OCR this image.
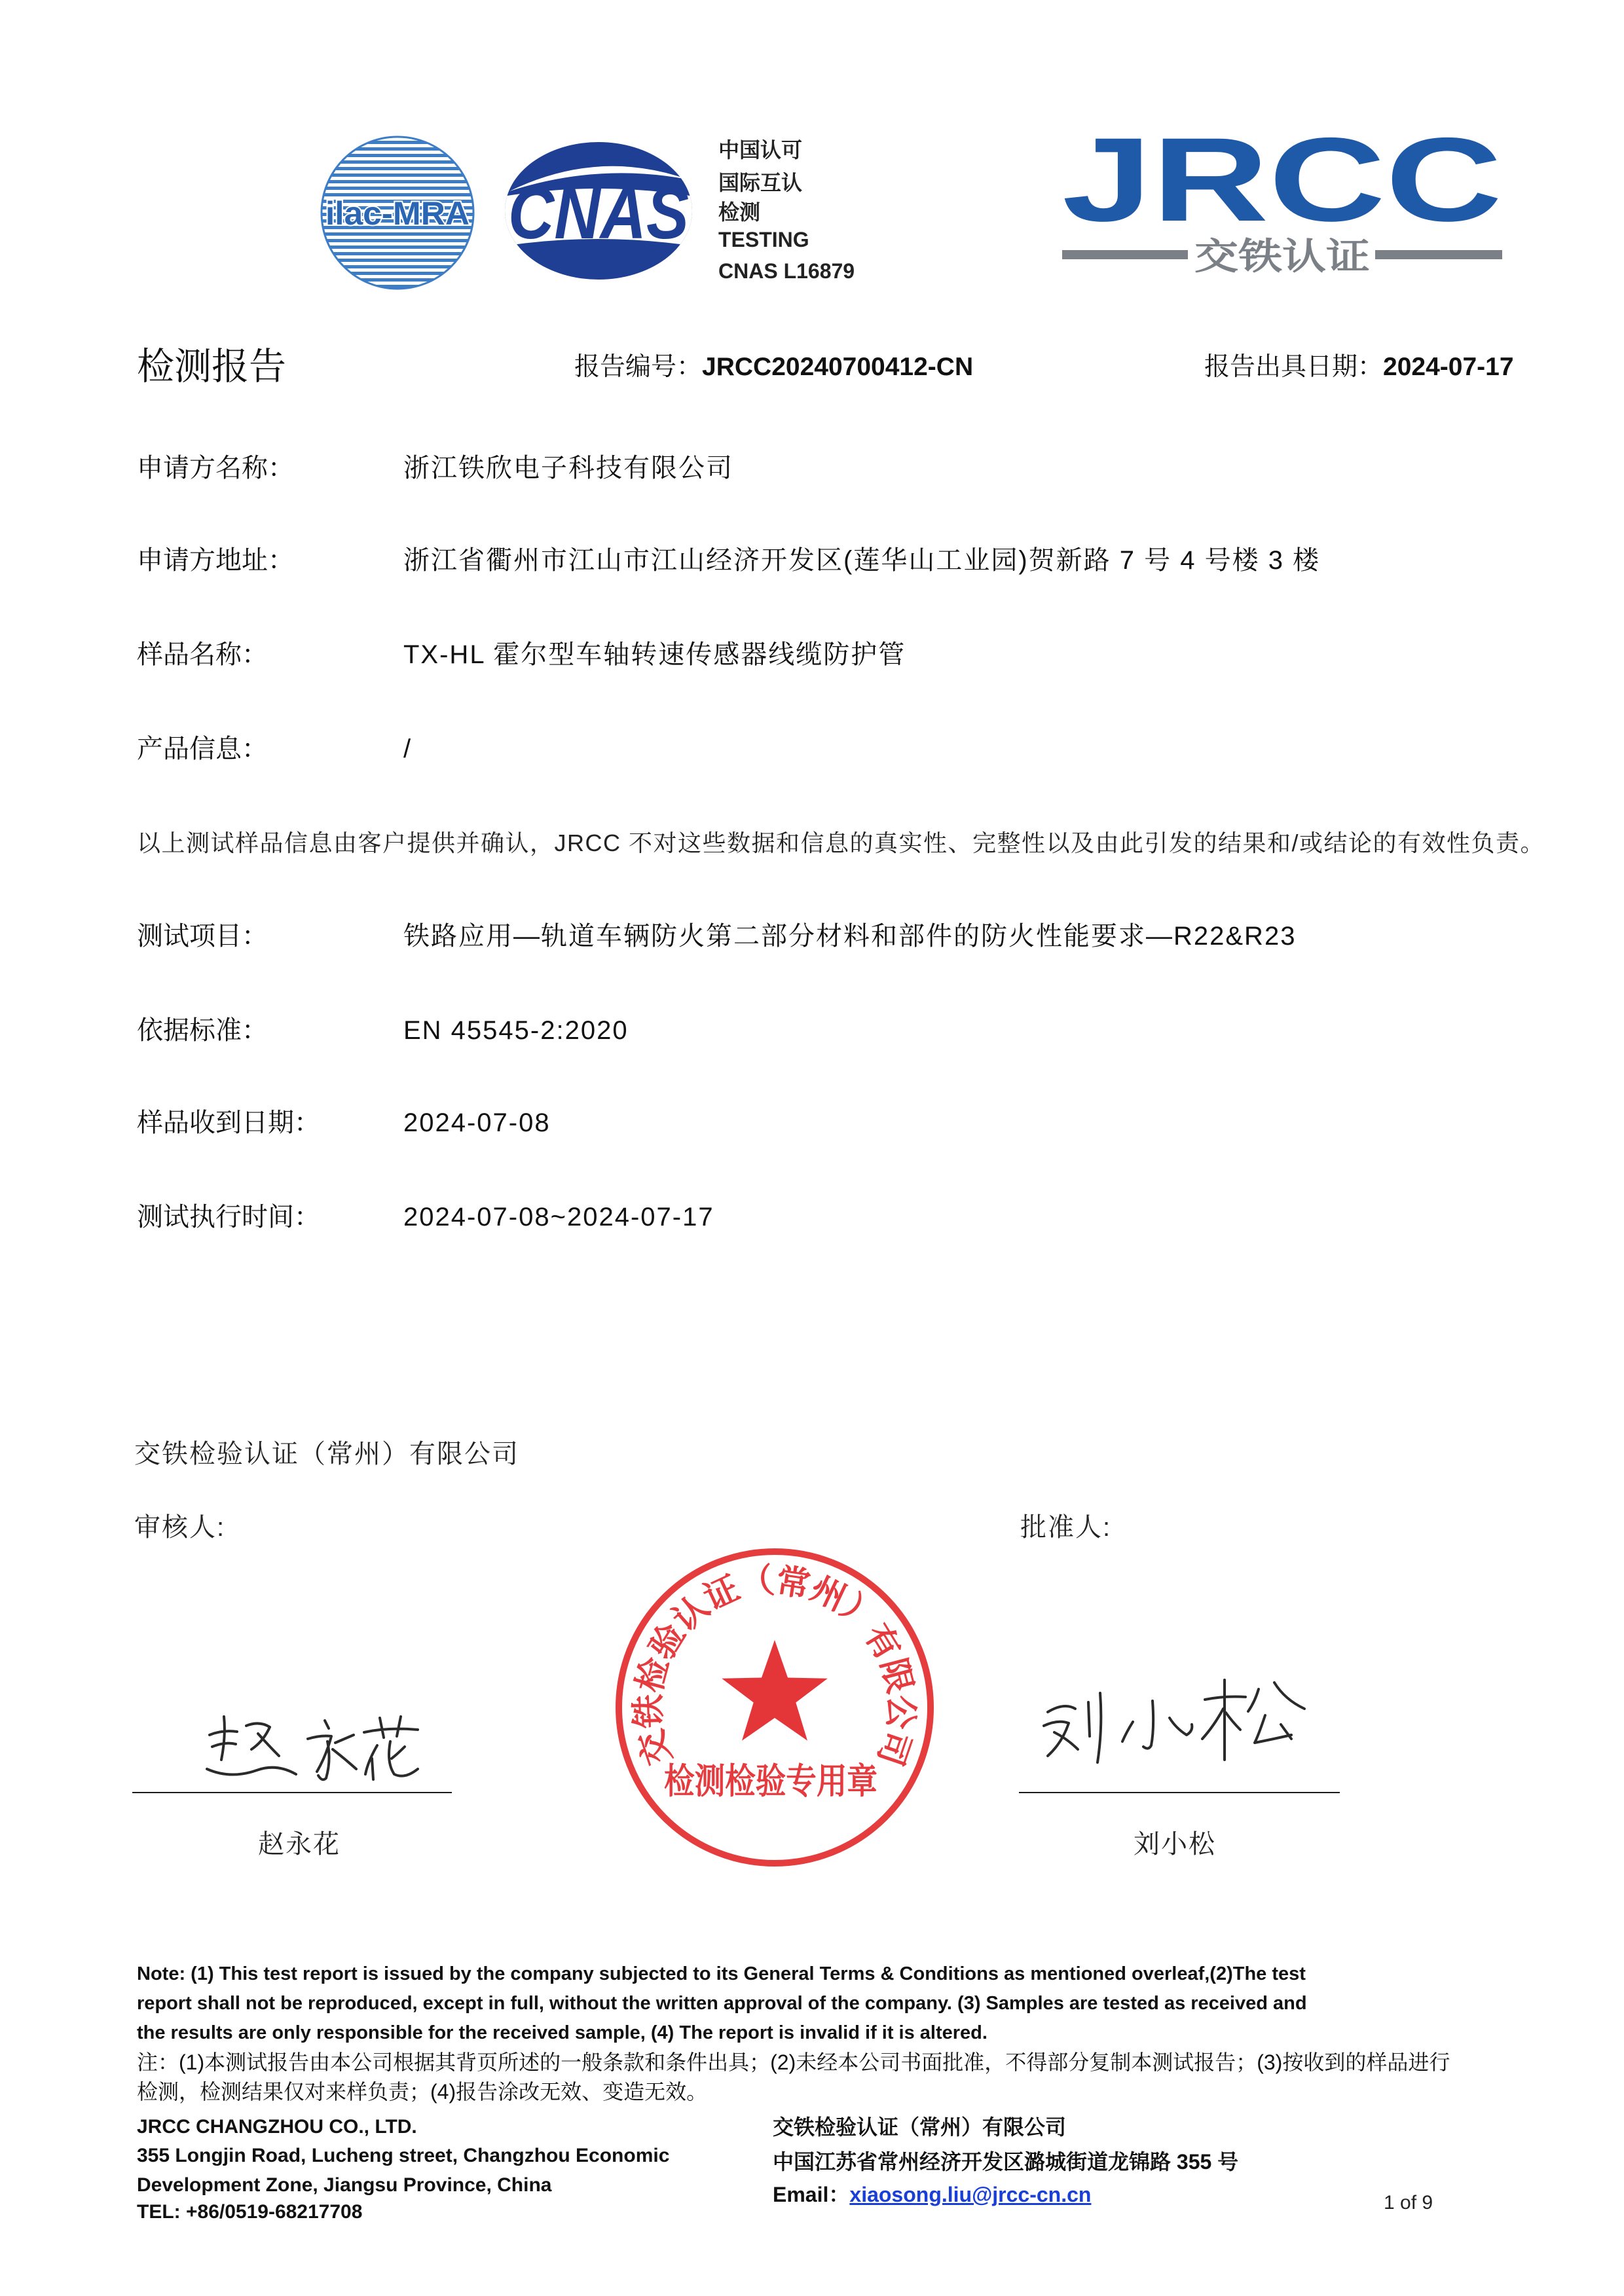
ilac-MRA CNAS
中国认可
国际互认
检测
TESTING
CNAS L16879
JRCC
交铁认证
检测报告	报告编号：JRCC20240700412-CN	报告出具日期：2024-07-17
申请方名称：	浙江铁欣电子科技有限公司
申请方地址：	浙江省衢州市江山市江山经济开发区(莲华山工业园)贺新路 7 号 4 号楼 3 楼
样品名称：	TX-HL 霍尔型车轴转速传感器线缆防护管
产品信息：	/
以上测试样品信息由客户提供并确认，JRCC 不对这些数据和信息的真实性、完整性以及由此引发的结果和/或结论的有效性负责。
测试项目：	铁路应用—轨道车辆防火第二部分材料和部件的防火性能要求—R22&R23
依据标准：	EN 45545-2:2020
样品收到日期：	2024-07-08
测试执行时间：	2024-07-08~2024-07-17
交铁检验认证（常州）有限公司
审核人:	批准人:
赵永花
交铁检验认证（常州）有限公司
检测检验专用章
刘小松
Note: (1) This test report is issued by the company subjected to its General Terms & Conditions as mentioned overleaf,(2)The test
report shall not be reproduced, except in full, without the written approval of the company. (3) Samples are tested as received and
the results are only responsible for the received sample, (4) The report is invalid if it is altered.
注：(1)本测试报告由本公司根据其背页所述的一般条款和条件出具；(2)未经本公司书面批准，不得部分复制本测试报告；(3)按收到的样品进行
检测，检测结果仅对来样负责；(4)报告涂改无效、变造无效。
JRCC CHANGZHOU CO., LTD.
355 Longjin Road, Lucheng street, Changzhou Economic
Development Zone, Jiangsu Province, China
TEL: +86/0519-68217708
交铁检验认证（常州）有限公司
中国江苏省常州经济开发区潞城街道龙锦路 355 号
Email：xiaosong.liu@jrcc-cn.cn	1 of 9
